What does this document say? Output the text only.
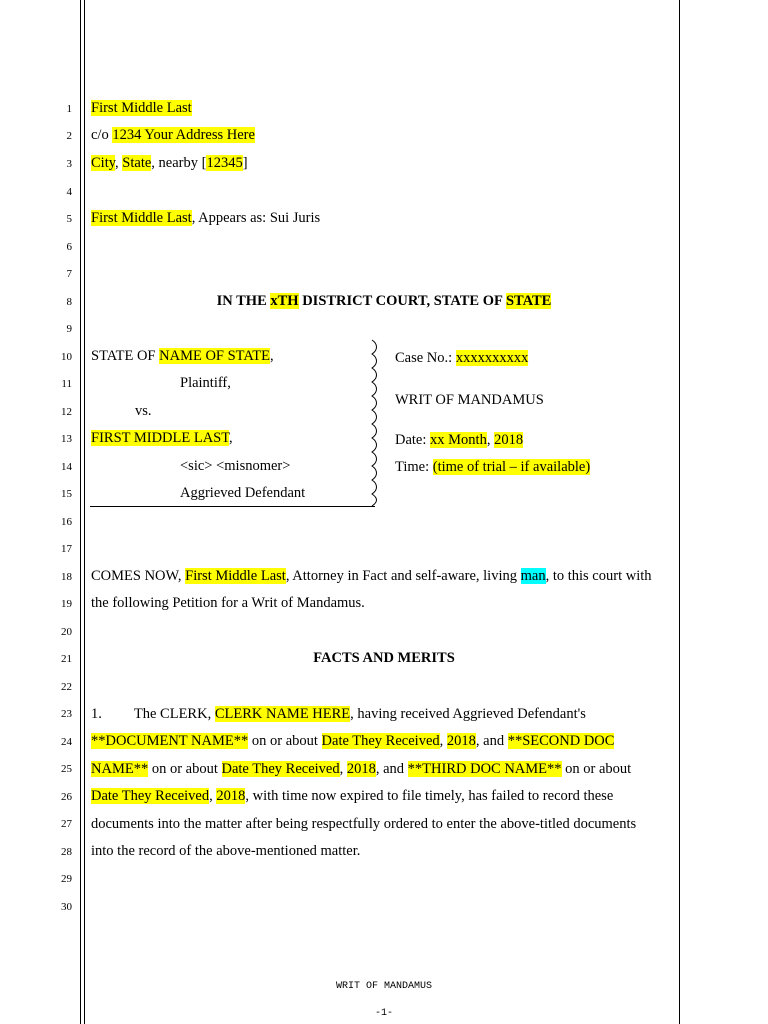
1
2
3
4
5
6
7
8
9
10
11
12
13
14
15
16
17
18
19
20
21
22
23
24
25
26
27
28
29
30
First Middle Last
c/o 1234 Your Address Here
City, State, nearby [12345]
First Middle Last, Appears as: Sui Juris
IN THE xTH DISTRICT COURT, STATE OF STATE
STATE OF NAME OF STATE,
Plaintiff,
vs.
FIRST MIDDLE LAST,
<sic> <misnomer>
Aggrieved Defendant
Case No.: xxxxxxxxxx
WRIT OF MANDAMUS
Date: xx Month, 2018
Time: (time of trial – if available)
COMES NOW, First Middle Last, Attorney in Fact and self-aware, living man, to this court with
the following Petition for a Writ of Mandamus.
FACTS AND MERITS
1. The CLERK, CLERK NAME HERE, having received Aggrieved Defendant's
**DOCUMENT NAME** on or about Date They Received, 2018, and **SECOND DOC
NAME** on or about Date They Received, 2018, and **THIRD DOC NAME** on or about
Date They Received, 2018, with time now expired to file timely, has failed to record these
documents into the matter after being respectfully ordered to enter the above-titled documents
into the record of the above-mentioned matter.
WRIT OF MANDAMUS
-1-
